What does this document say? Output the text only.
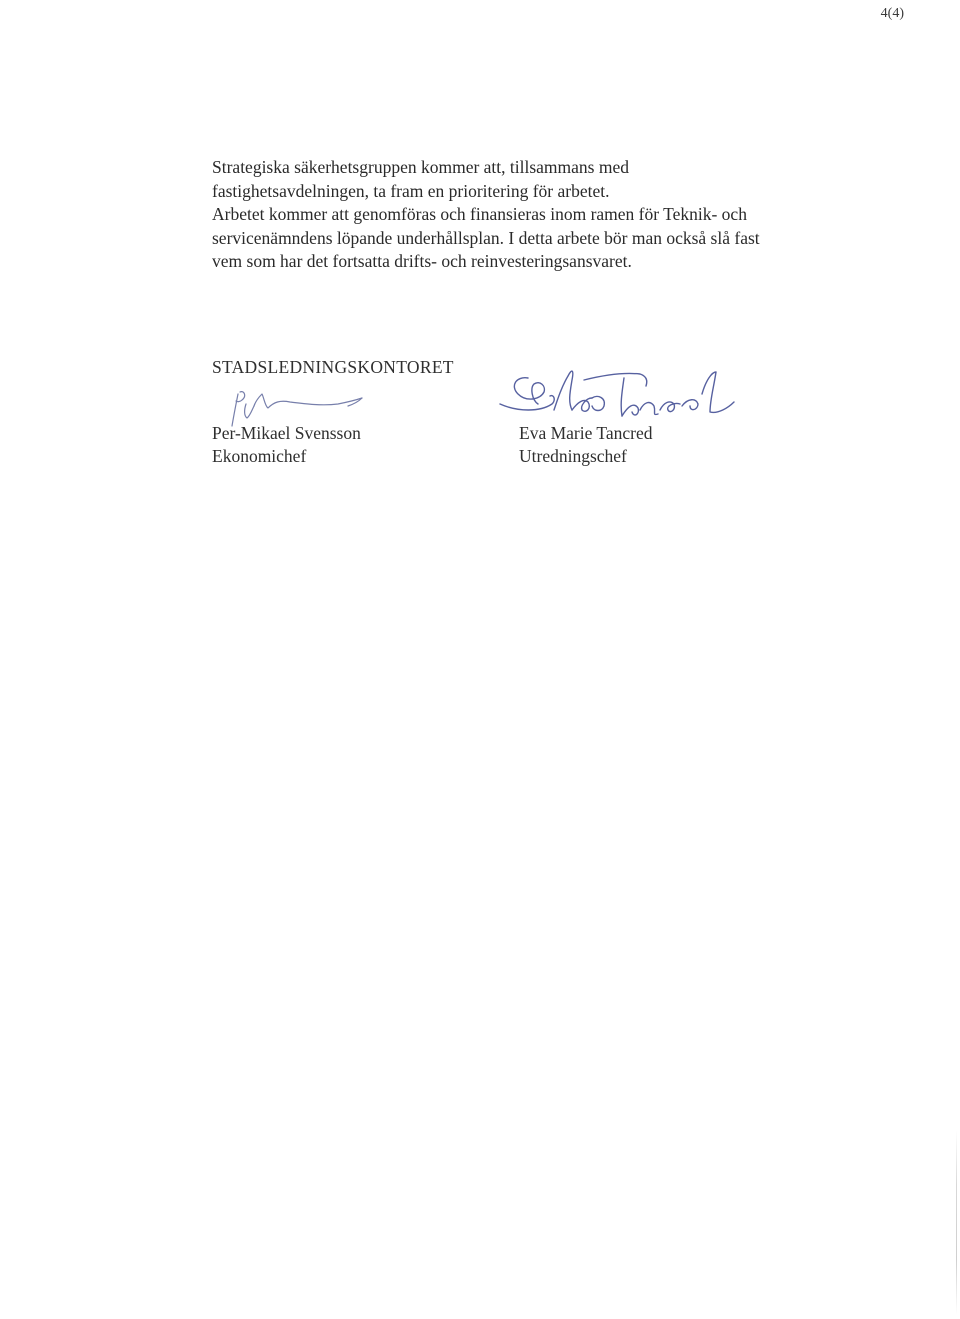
4(4)
Strategiska säkerhetsgruppen kommer att, tillsammans med
fastighetsavdelningen, ta fram en prioritering för arbetet.
Arbetet kommer att genomföras och finansieras inom ramen för Teknik- och
servicenämndens löpande underhållsplan. I detta arbete bör man också slå fast
vem som har det fortsatta drifts- och reinvesteringsansvaret.
STADSLEDNINGSKONTORET
Per-Mikael Svensson
Ekonomichef
Eva Marie Tancred
Utredningschef
